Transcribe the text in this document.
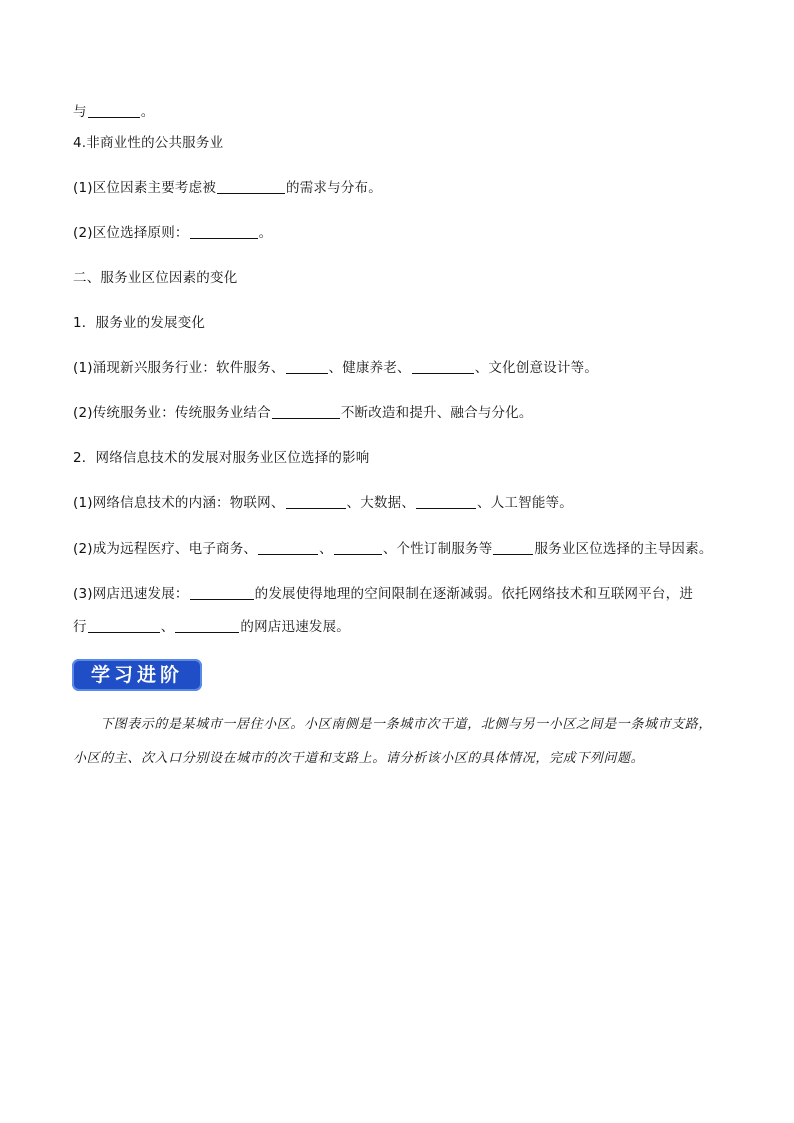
与	。
4.非商业性的公共服务业
(1)区位因素主要考虑被	的需求与分布。
(2)区位选择原则：	。
二、服务业区位因素的变化
1．服务业的发展变化
(1)涌现新兴服务行业：软件服务、	、健康养老、	、文化创意设计等。
(2)传统服务业：传统服务业结合	不断改造和提升、融合与分化。
2．网络信息技术的发展对服务业区位选择的影响
(1)网络信息技术的内涵：物联网、	、大数据、	、人工智能等。
(2)成为远程医疗、电子商务、	、	、个性订制服务等	服务业区位选择的主导因素。
(3)网店迅速发展：	的发展使得地理的空间限制在逐渐减弱。依托网络技术和互联网平台，进
行	、	的网店迅速发展。
学习进阶
下图表示的是某城市一居住小区。小区南侧是一条城市次干道，北侧与另一小区之间是一条城市支路，小区的主、次入口分别设在城市的次干道和支路上。请分析该小区的具体情况，完成下列问题。
